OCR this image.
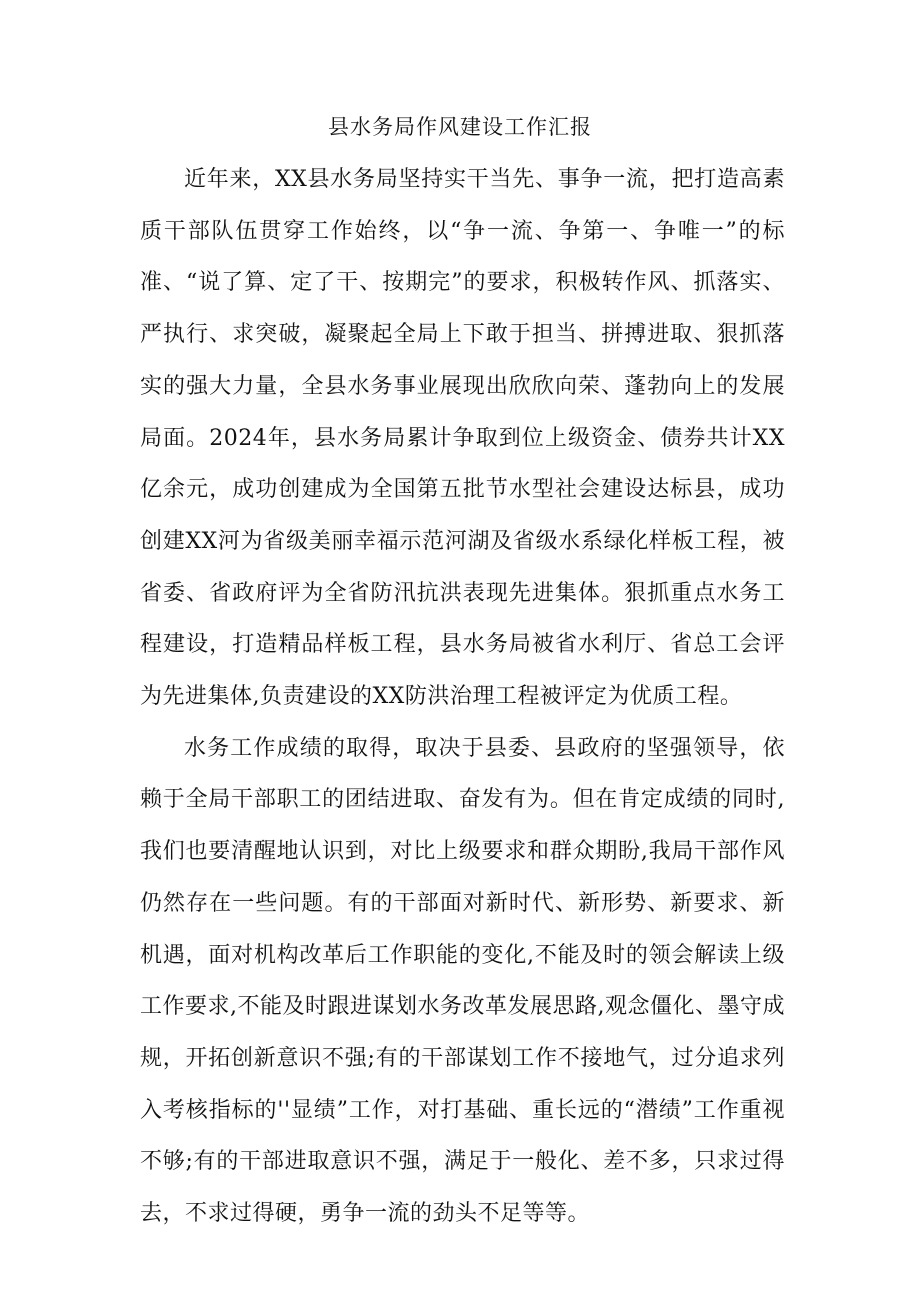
县水务局作风建设工作汇报

近年来，XX县水务局坚持实干当先、事争一流，把打造高素质干部队伍贯穿工作始终，以“争一流、争第一、争唯一”的标准、“说了算、定了干、按期完”的要求，积极转作风、抓落实、严执行、求突破，凝聚起全局上下敢于担当、拼搏进取、狠抓落实的强大力量，全县水务事业展现出欣欣向荣、蓬勃向上的发展局面。2024年，县水务局累计争取到位上级资金、债券共计XX亿余元，成功创建成为全国第五批节水型社会建设达标县，成功创建XX河为省级美丽幸福示范河湖及省级水系绿化样板工程，被省委、省政府评为全省防汛抗洪表现先进集体。狠抓重点水务工程建设，打造精品样板工程，县水务局被省水利厅、省总工会评为先进集体,负责建设的XX防洪治理工程被评定为优质工程。

水务工作成绩的取得，取决于县委、县政府的坚强领导，依赖于全局干部职工的团结进取、奋发有为。但在肯定成绩的同时,我们也要清醒地认识到，对比上级要求和群众期盼,我局干部作风仍然存在一些问题。有的干部面对新时代、新形势、新要求、新机遇，面对机构改革后工作职能的变化,不能及时的领会解读上级工作要求,不能及时跟进谋划水务改革发展思路,观念僵化、墨守成规，开拓创新意识不强;有的干部谋划工作不接地气，过分追求列入考核指标的''显绩”工作，对打基础、重长远的“潜绩”工作重视不够;有的干部进取意识不强，满足于一般化、差不多，只求过得去，不求过得硬，勇争一流的劲头不足等等。
